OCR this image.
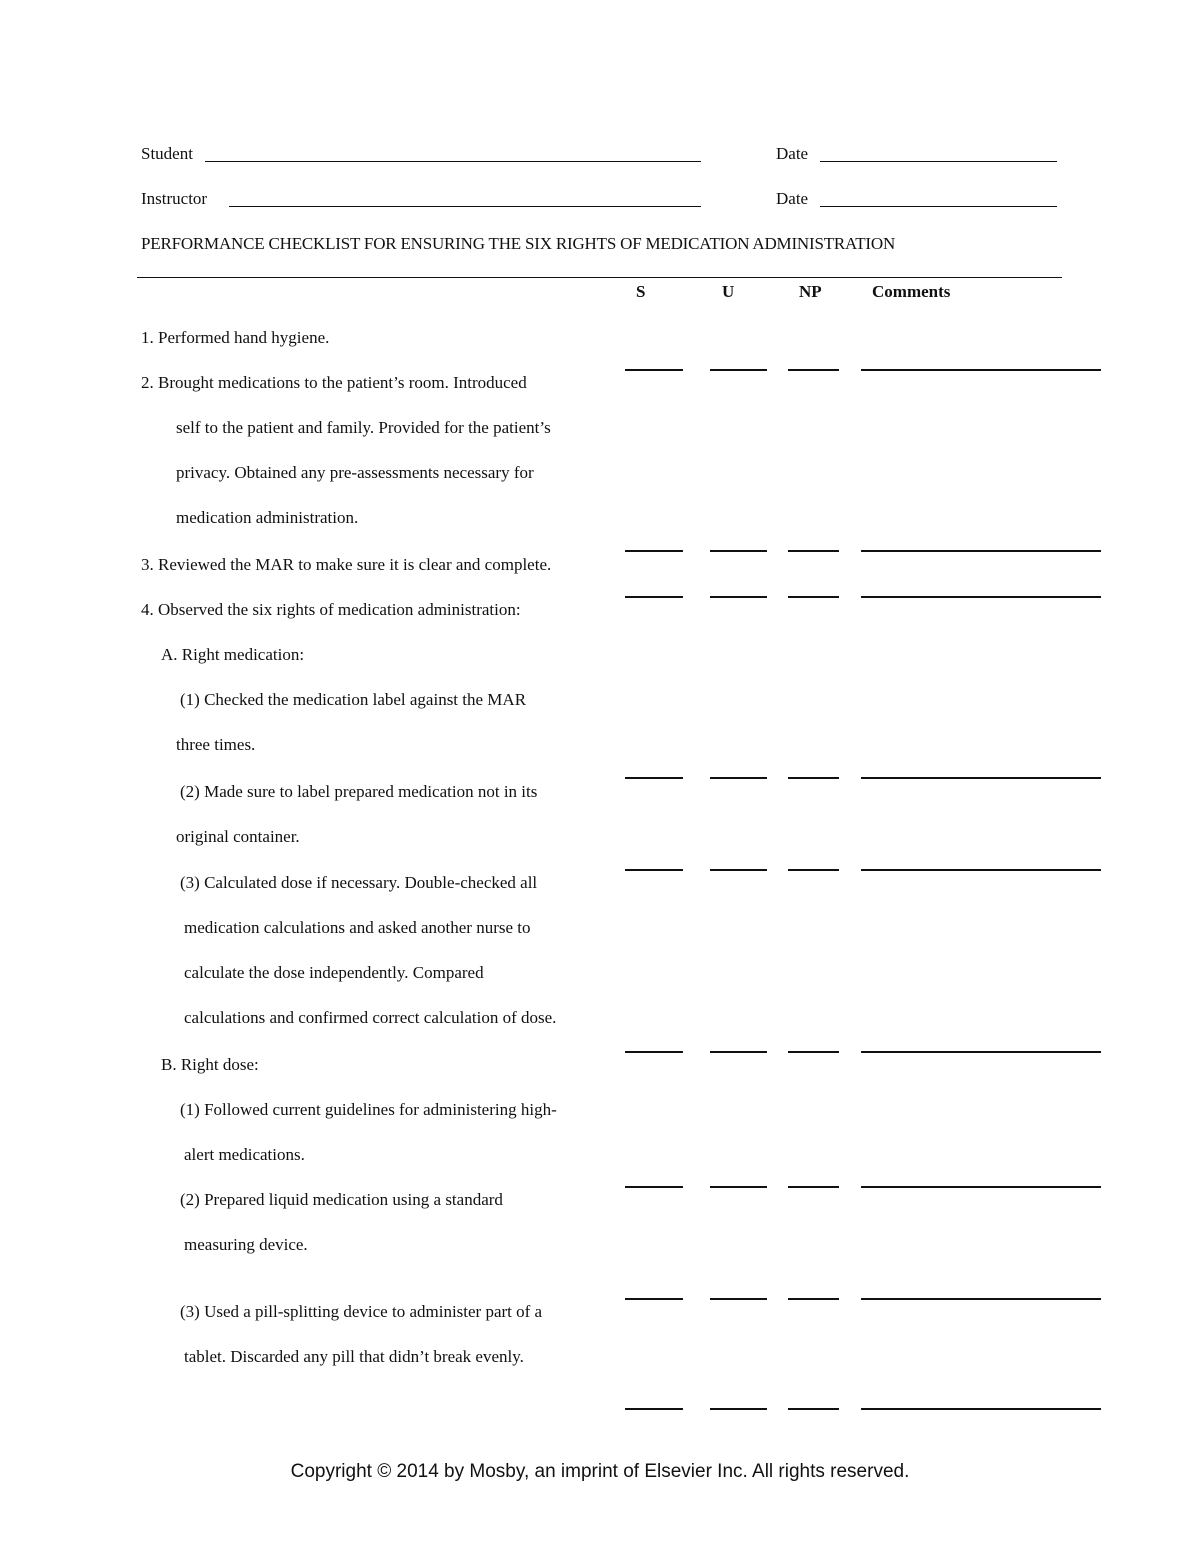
Student	Date
Instructor	Date
PERFORMANCE CHECKLIST FOR ENSURING THE SIX RIGHTS OF MEDICATION ADMINISTRATION
S	U	NP	Comments
1. Performed hand hygiene.
2. Brought medications to the patient’s room. Introduced
self to the patient and family. Provided for the patient’s
privacy. Obtained any pre-assessments necessary for
medication administration.
3. Reviewed the MAR to make sure it is clear and complete.
4. Observed the six rights of medication administration:
A. Right medication:
(1) Checked the medication label against the MAR
three times.
(2) Made sure to label prepared medication not in its
original container.
(3) Calculated dose if necessary. Double-checked all
medication calculations and asked another nurse to
calculate the dose independently. Compared
calculations and confirmed correct calculation of dose.
B. Right dose:
(1) Followed current guidelines for administering high-
alert medications.
(2) Prepared liquid medication using a standard
measuring device.
(3) Used a pill-splitting device to administer part of a
tablet. Discarded any pill that didn’t break evenly.
Copyright © 2014 by Mosby, an imprint of Elsevier Inc. All rights reserved.
